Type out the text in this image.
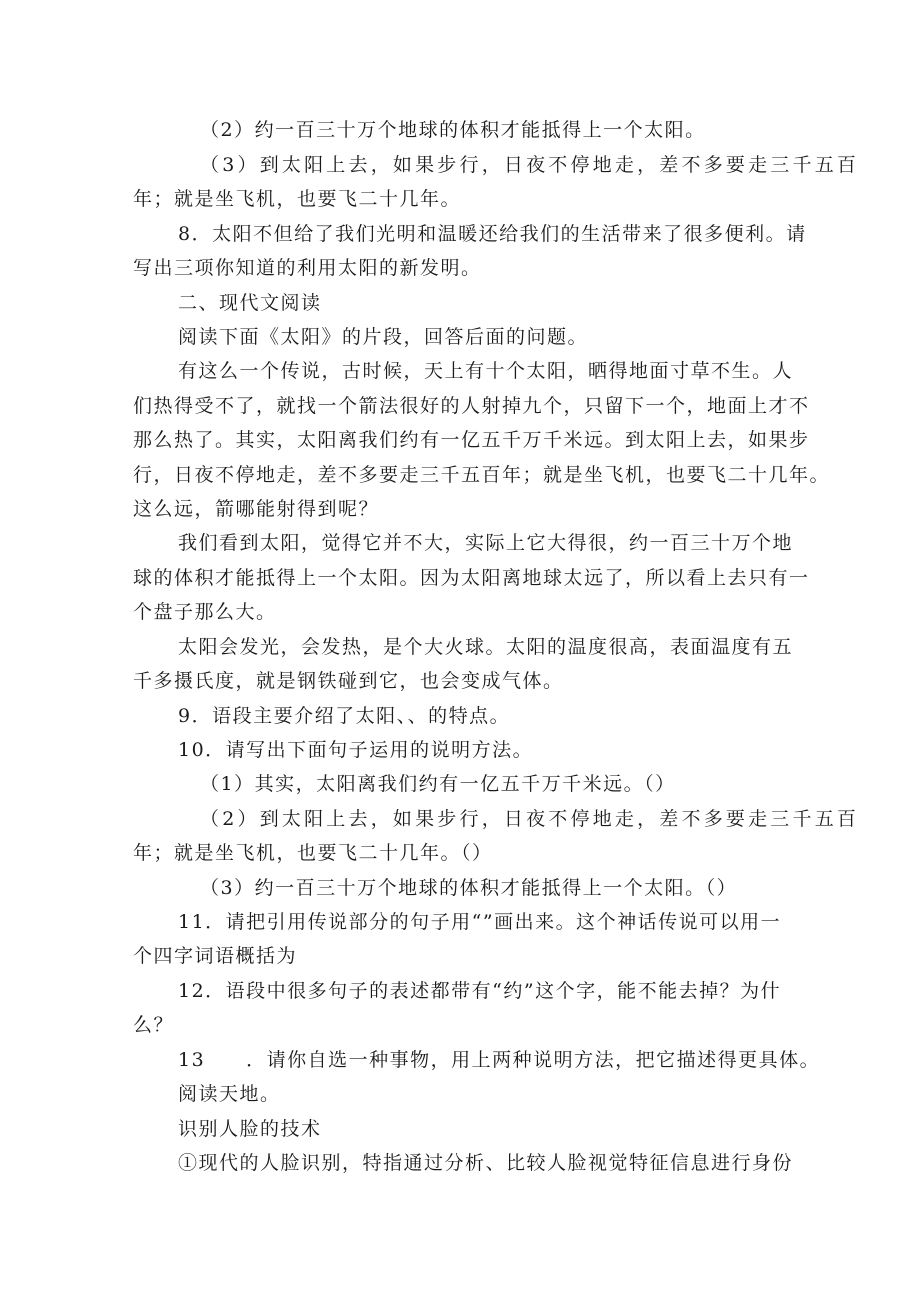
（2）约一百三十万个地球的体积才能抵得上一个太阳。
（3）到太阳上去，如果步行，日夜不停地走，差不多要走三千五百
年；就是坐飞机，也要飞二十几年。
8．太阳不但给了我们光明和温暖还给我们的生活带来了很多便利。请
写出三项你知道的利用太阳的新发明。
二、现代文阅读
阅读下面《太阳》的片段，回答后面的问题。
有这么一个传说，古时候，天上有十个太阳，晒得地面寸草不生。人
们热得受不了，就找一个箭法很好的人射掉九个，只留下一个，地面上才不
那么热了。其实，太阳离我们约有一亿五千万千米远。到太阳上去，如果步
行，日夜不停地走，差不多要走三千五百年；就是坐飞机，也要飞二十几年。
这么远，箭哪能射得到呢？
我们看到太阳，觉得它并不大，实际上它大得很，约一百三十万个地
球的体积才能抵得上一个太阳。因为太阳离地球太远了，所以看上去只有一
个盘子那么大。
太阳会发光，会发热，是个大火球。太阳的温度很高，表面温度有五
千多摄氏度，就是钢铁碰到它，也会变成气体。
9．语段主要介绍了太阳、、的特点。
10．请写出下面句子运用的说明方法。
（1）其实，太阳离我们约有一亿五千万千米远。（）
（2）到太阳上去，如果步行，日夜不停地走，差不多要走三千五百
年；就是坐飞机，也要飞二十几年。（）
（3）约一百三十万个地球的体积才能抵得上一个太阳。（）
11．请把引用传说部分的句子用“”画出来。这个神话传说可以用一
个四字词语概括为
12．语段中很多句子的表述都带有“约”这个字，能不能去掉？为什
么？
13　　．请你自选一种事物，用上两种说明方法，把它描述得更具体。
阅读天地。
识别人脸的技术
①现代的人脸识别，特指通过分析、比较人脸视觉特征信息进行身份
